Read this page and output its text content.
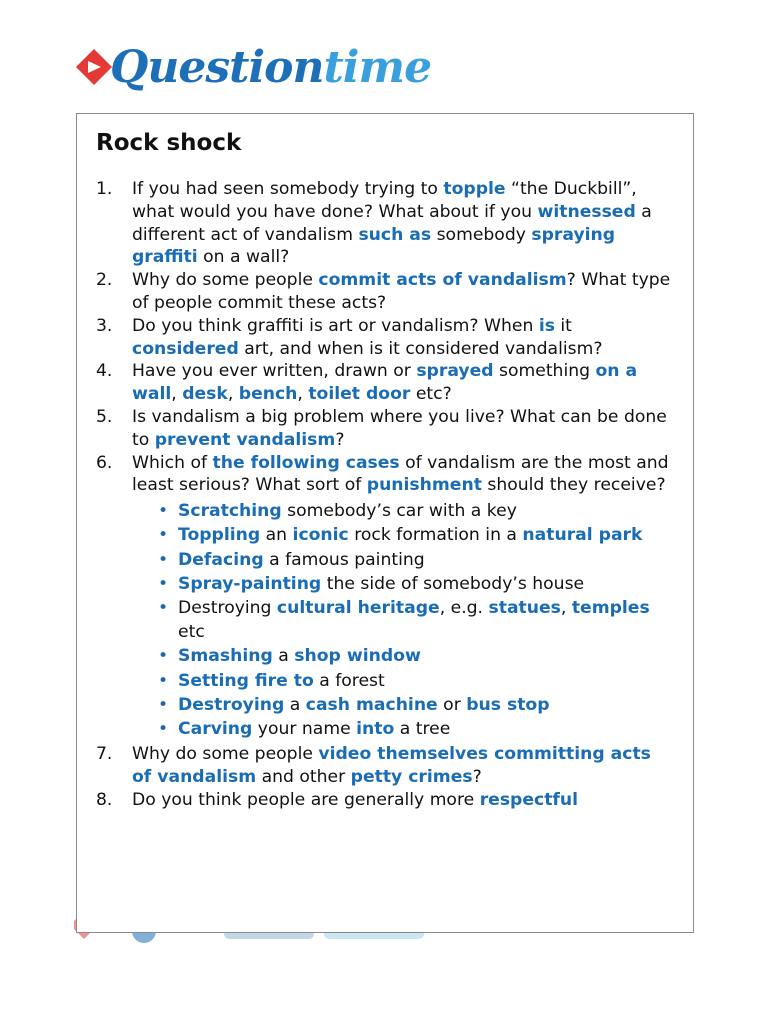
Questiontime
Rock shock
1. If you had seen somebody trying to topple “the Duckbill”, what would you have done? What about if you witnessed a different act of vandalism such as somebody spraying graffiti on a wall?
2. Why do some people commit acts of vandalism? What type of people commit these acts?
3. Do you think graffiti is art or vandalism? When is it considered art, and when is it considered vandalism?
4. Have you ever written, drawn or sprayed something on a wall, desk, bench, toilet door etc?
5. Is vandalism a big problem where you live? What can be done to prevent vandalism?
6. Which of the following cases of vandalism are the most and least serious? What sort of punishment should they receive?
• Scratching somebody’s car with a key
• Toppling an iconic rock formation in a natural park
• Defacing a famous painting
• Spray-painting the side of somebody’s house
• Destroying cultural heritage, e.g. statues, temples etc
• Smashing a shop window
• Setting fire to a forest
• Destroying a cash machine or bus stop
• Carving your name into a tree
7. Why do some people video themselves committing acts of vandalism and other petty crimes?
8. Do you think people are generally more respectful
